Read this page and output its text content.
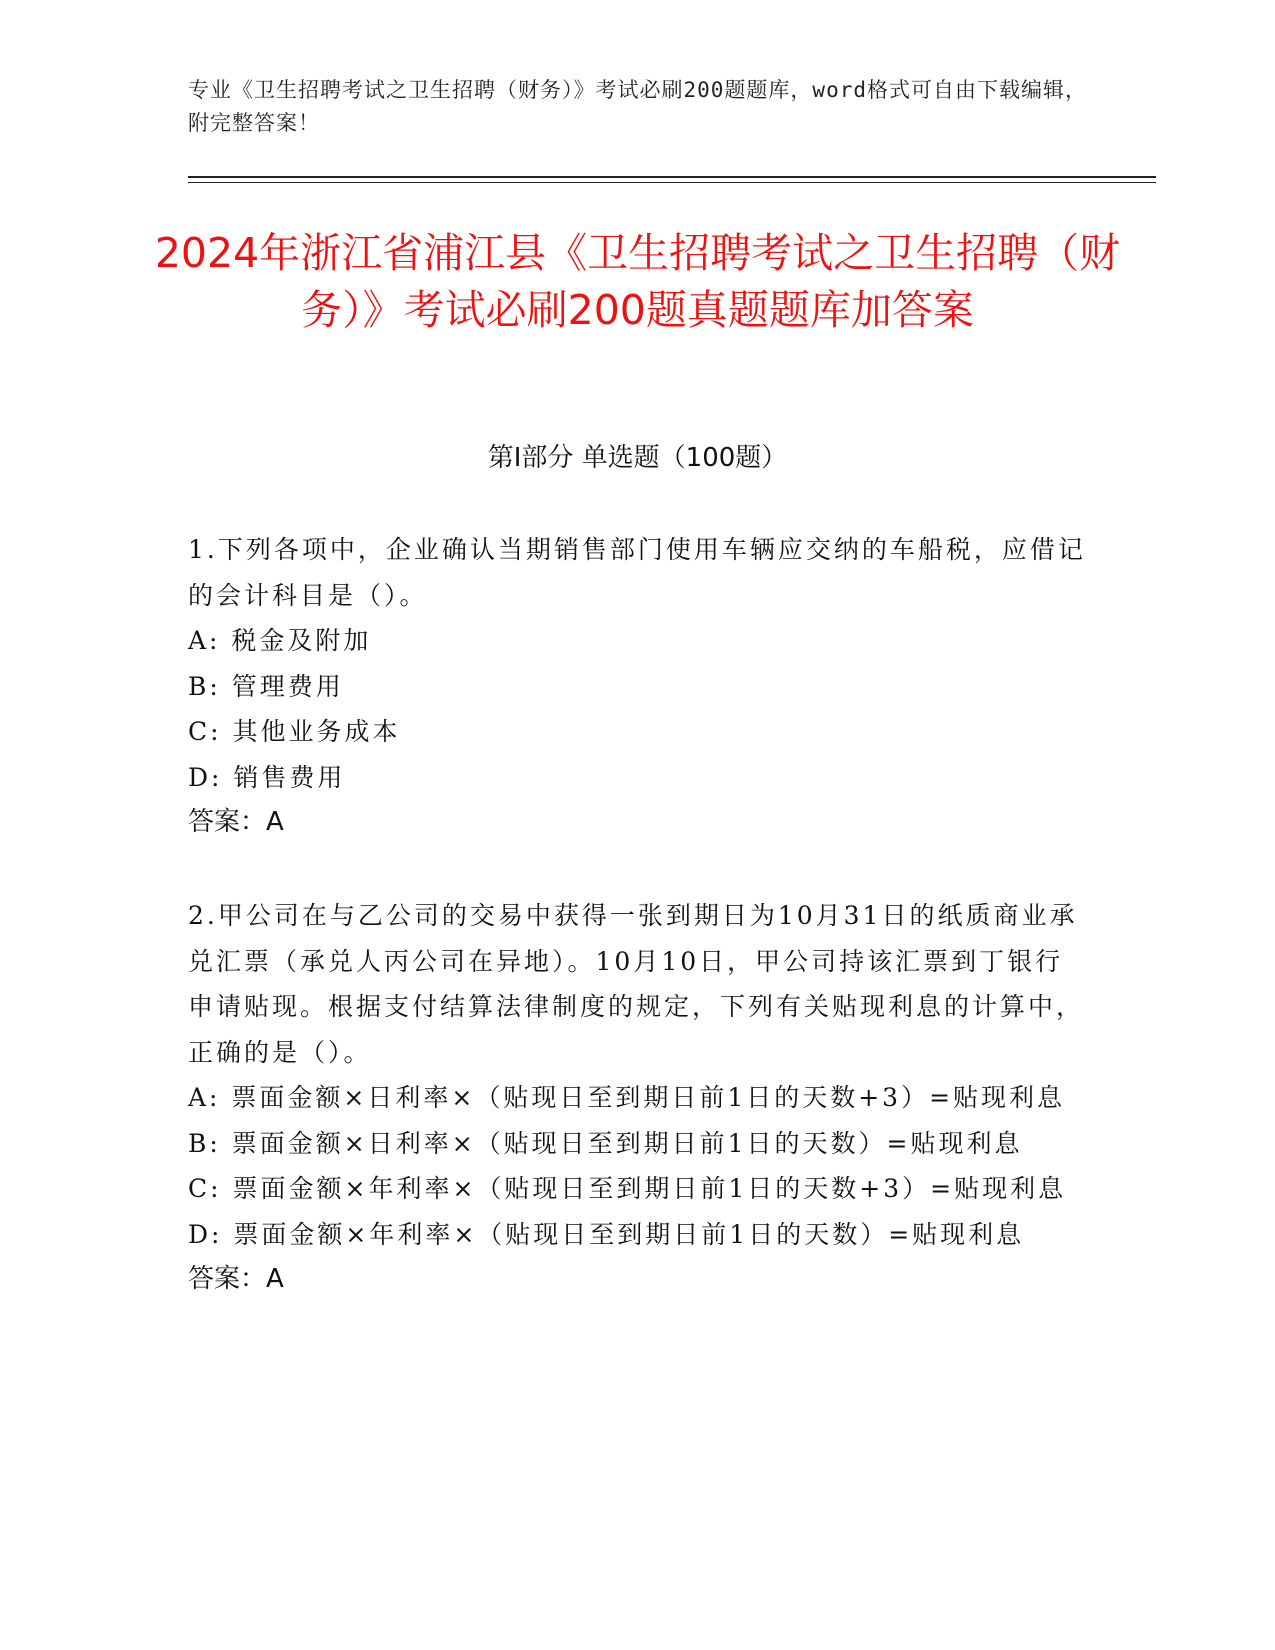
专业《卫生招聘考试之卫生招聘（财务）》考试必刷200题题库，word格式可自由下载编辑，附完整答案！
2024年浙江省浦江县《卫生招聘考试之卫生招聘（财务）》考试必刷200题真题题库加答案
第I部分 单选题（100题）

1.下列各项中，企业确认当期销售部门使用车辆应交纳的车船税，应借记的会计科目是（）。

A: 税金及附加

B: 管理费用

C: 其他业务成本

D: 销售费用

答案：A

2.甲公司在与乙公司的交易中获得一张到期日为10月31日的纸质商业承兑汇票（承兑人丙公司在异地）。10月10日，甲公司持该汇票到丁银行申请贴现。根据支付结算法律制度的规定，下列有关贴现利息的计算中，正确的是（）。

A: 票面金额×日利率×（贴现日至到期日前1日的天数+3）=贴现利息

B: 票面金额×日利率×（贴现日至到期日前1日的天数）=贴现利息

C: 票面金额×年利率×（贴现日至到期日前1日的天数+3）=贴现利息

D: 票面金额×年利率×（贴现日至到期日前1日的天数）=贴现利息

答案：A
